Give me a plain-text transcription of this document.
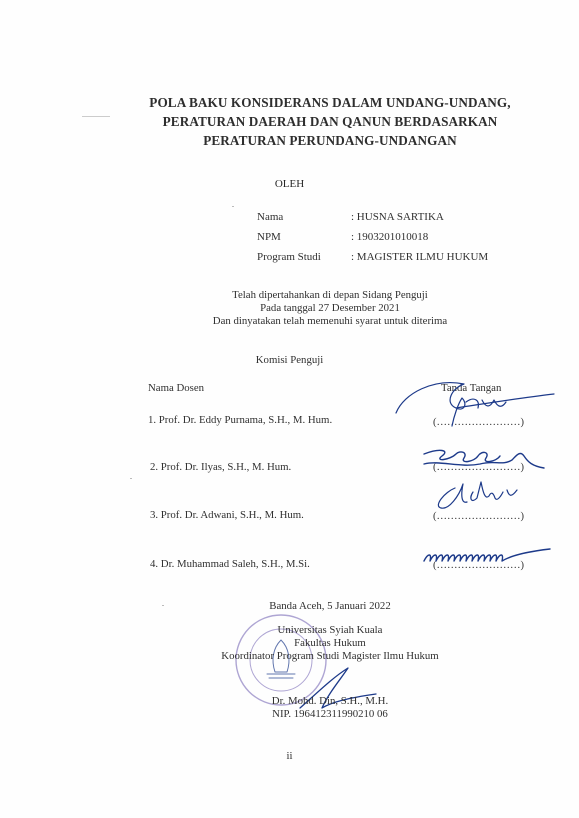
POLA BAKU KONSIDERANS DALAM UNDANG-UNDANG,
PERATURAN DAERAH DAN QANUN BERDASARKAN
PERATURAN PERUNDANG-UNDANGAN
OLEH
Nama	: HUSNA SARTIKA
NPM	: 1903201010018
Program Studi	: MAGISTER ILMU HUKUM
Telah dipertahankan di depan Sidang Penguji
Pada tanggal 27 Desember 2021
Dan dinyatakan telah memenuhi syarat untuk diterima
Komisi Penguji
Nama Dosen	Tanda Tangan
1. Prof. Dr. Eddy Purnama, S.H., M. Hum.	(……………………)
2. Prof. Dr. Ilyas, S.H., M. Hum.	(……………………)
3. Prof. Dr. Adwani, S.H., M. Hum.	(……………………)
4. Dr. Muhammad Saleh, S.H., M.Si.	(……………………)
Banda Aceh, 5 Januari 2022
Universitas Syiah Kuala
Fakultas Hukum
Koordinator Program Studi Magister Ilmu Hukum
Dr. Mohd. Din, S.H., M.H.
NIP. 196412311990210 06
ii
